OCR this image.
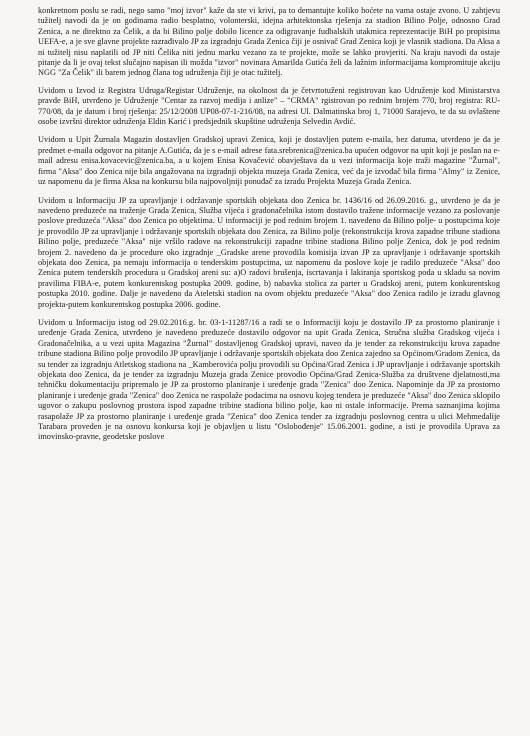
konkretnom poslu se radi, nego samo "moj izvor" kaže da ste vi krivi, pa to demantujte koliko hoćete na vama ostaje zvono. U zahtjevu tužitelj navodi da je on godinama radio besplatno, volonterski, idejna arhitektonska rješenja za stadion Bilino Polje, odnosno Grad Zenica, a ne direktno za Čelik, a da bi Bilino polje dobilo licence za odigravanje fudbalskih utakmica reprezentacije BiH po propisima UEFA-e, a je sve glavne projekte razrađivalo JP za izgradnju Grada Zenica čiji je osnivač Grad Zenica koji je vlasnik stadiona. Da Aksa a ni tužitelj nisu naplatili od JP niti Čelika niti jednu marku vezano za te projekte, može se lahko provjeriti. Na kraju navodi da ostaje pitanje da li je ovaj tekst slučajno napisan ili možda "izvor" novinara Amarilda Gutića želi da lažnim informacijama kompromituje akciju NGG "Za Čelik" ili barem jednog člana tog udruženja čiji je otac tužitelj.

Uvidom u Izvod iz Registra Udruga/Registar Udruženje, na okolnost da je četvrtotuženi registrovan kao Udruženje kod Ministarstva pravde BiH, utvrđeno je Udruženje "Centar za razvoj medija i anlize" – "CRMA" rgistrovan po rednim brojem 770, broj registra: RU-770/08, da je datum i broj rješenja: 25/12/2008 UP08-07-1-216/08, na adresi Ul. Dalmatinska broj 1, 71000 Sarajevo, te da su ovlaštene osobe izvršni direktor udruženja Eldin Karić i predsjednik skupštine udruženja Selvedin Avdić.

Uvidom u Upit Žurnala Magazin dostavljen Gradskoj upravi Zenica, koji je dostavljen putem e-maila, bez datuma, utvrđeno je da je predmet e-maila odgovor na pitanje A.Gutića, da je s e-mail adrese fata.srebrenica@zenica.ba upućen odgovor na upit koji je poslan na e-mail adresu enisa.kovacevic@zenica.ba, a u kojem Enisa Kovačević obavještava da u vezi informacija koje traži magazine "Žurnal", firma "Aksa" doo Zenica nije bila angažovana na izgradnji objekta muzeja Grada Zenica, već da je izvođač bila firma "Almy" iz Zenice, uz napomenu da je firma Aksa na konkursu bila najpovoljniji ponuđač za izradu Projekta Muzeja Grada Zenica.

Uvidom u Informaciju JP za upravljanje i održavanje sportskih objekata doo Zenica br. 1436/16 od 26.09.2016. g., utvrđeno je da je navedeno preduzeće na traženje Grada Zenica, Služba vijeća i gradonačelnika istom dostavilo tražene informacije vezano za poslovanje poslove preduzeća "Aksa" doo Zenica po objektima. U informaciji je pod rednim brojem 1. navedeno da Bilino polje- u postupcima koje je provodilo JP za upravljanje i održavanje sportskih objekata doo Zenica, za Bilino polje (rekonstrukcija krova zapadne tribune stadiona Bilino polje, preduzeće "Aksa" nije vršilo radove na rekonstrukciji zapadne tribine stadiona Bilino polje Zenica, dok je pod rednim brojem 2. navedeno da je procedure oko izgradnje _Gradske arene provodila komisija izvan JP za upravljanje i održavanje sportskih objekata doo Zenica, pa nemaju informacija o tenderskim postupcima, uz napomenu da poslove koje je radilo preduzeće "Aksa" doo Zenica putem tenderskih procedura u Gradskoj areni su: a)O radovi brušenja, iscrtavanja i lakiranja sportskog poda u skladu sa novim pravilima FIBA-e, putem konkurentskog postupka 2009. godine, b) nabavka stolica za parter u Gradskoj areni, putem konkurentskog postupka 2010. godine. Dalje je navedeno da Ateletski stadion na ovom objektu preduzeće "Aksa" doo Zenica radilo je izradu glavnog projekta-putem konkurentskog postupka 2006. godine.

Uvidom u Informaciju istog od 29.02.2016.g. br. 03-1-11287/16 a radi se o Informaciji koju je dostavilo JP za prostorno planiranje i uređenje Grada Zenica, utvrđeno je navedeno preduzeće dostavilo odgovor na upit Grada Zenica, Stručna služba Gradskog vijeća i Gradonačelnika, a u vezi upita Magazina "Žurnal" dostavljenog Gradskoj upravi, naveo da je tender za rekonstrukciju krova zapadne tribune stadiona Bilino polje provodilo JP upravljanje i održavanje sportskih objekata doo Zenica zajedno sa Općinom/Gradom Zenica, da su tender za izgradnju Atletskog stadiona na _Kamberovića polju provodili su Općina/Grad Zenica i JP upravljanje i održavanje sportskih objekata doo Zenica, da je tender za izgradnju Muzeja grada Zenice provodio Općina/Grad Zenica-Služba za društvene djelatnosti,ma tehničku dokumentaciju pripremalo je JP za prostorno planiranje i uređenje grada "Zenica" doo Zenica. Napominje da JP za prostorno planiranje i uređenje grada "Zenica" doo Zenica ne raspolaže podacima na osnovu kojeg tendera je preduzeće "Aksa" doo Zenica sklopilo ugovor o zakupu poslovnog prostora ispod zapadne tribine stadiona bilino polje, kao ni ostale informacije. Prema saznanjima kojima rasapolaže JP za prostorno planiranje i uređenje grada "Zenica" doo Zenica tender za izgradnju poslovnog centra u ulici Mehmedalije Tarabara proveden je na osnovu konkursa koji je objavljen u listu "Oslobođenje" 15.06.2001. godine, a isti je provodila Uprava za imovinsko-pravne, geodetske poslove
